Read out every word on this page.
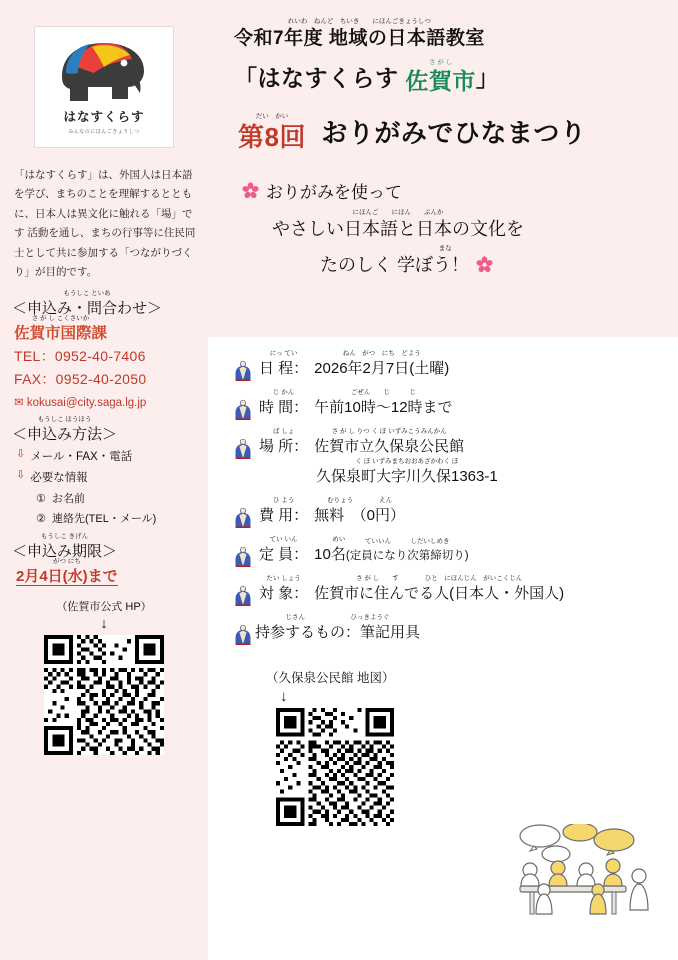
はなすくらす
みんなのにほんごきょうしつ
「はなすくらす」は、外国人は日本語を学び、まちのことを理解するとともに、日本人は異文化に触れる「場」です 活動を通し、まちの行事等に住民同士として共に参加する「つながりづくり」が目的です。
もうしこ といあ
＜申込み・問合わせ＞
さ が し こくさいか
佐賀市国際課
TEL：0952-40-7406
FAX：0952-40-2050
✉ kokusai@city.saga.lg.jp
もうしこ ほうほう
＜申込み方法＞
⇩ メール・FAX・電話
⇩ 必要な情報
① お名前
② 連絡先(TEL・メール)
もうしこ きげん
＜申込み期限＞
がつ にち
2月4日(水)まで
（佐賀市公式 HP）
↓
れいわ　ねんど　ちいき　　にほんごきょうしつ
令和7年度 地域の日本語教室
「はなすくらす
さ が し
佐賀市」
だい　かい
第8回 おりがみでひなまつり
おりがみを使って
にほんご　　にほん　　ぶんか
やさしい日本語と日本の文化を
まな
たのしく 学ぼう！
にっ てい
日 程：
ねん　がつ　にち　どよう
2026年2月7日(土曜)
じ かん
時 間：
ごぜん　　じ　　　じ
午前10時～12時まで
ば しょ
場 所：
さ が し りつ く ぼ いずみこうみんかん
佐賀市立久保泉公民館
く ぼ いずみまちおおあざかわく ぼ
久保泉町大字川久保1363-1
ひ よう
費 用：
むりょう　　　　えん
無料　（0円）
てい いん
定 員：
めい
10名
ていいん　　　しだいしめき
(定員になり次第締切り)
たい しょう
対 象：
さ が し　　す　　　　ひと　にほんじん　がいこくじん
佐賀市に住んでる人(日本人・外国人)
じさん　　　　　　　ひっきようぐ
持参するもの：筆記用具
（久保泉公民館 地図）
↓
